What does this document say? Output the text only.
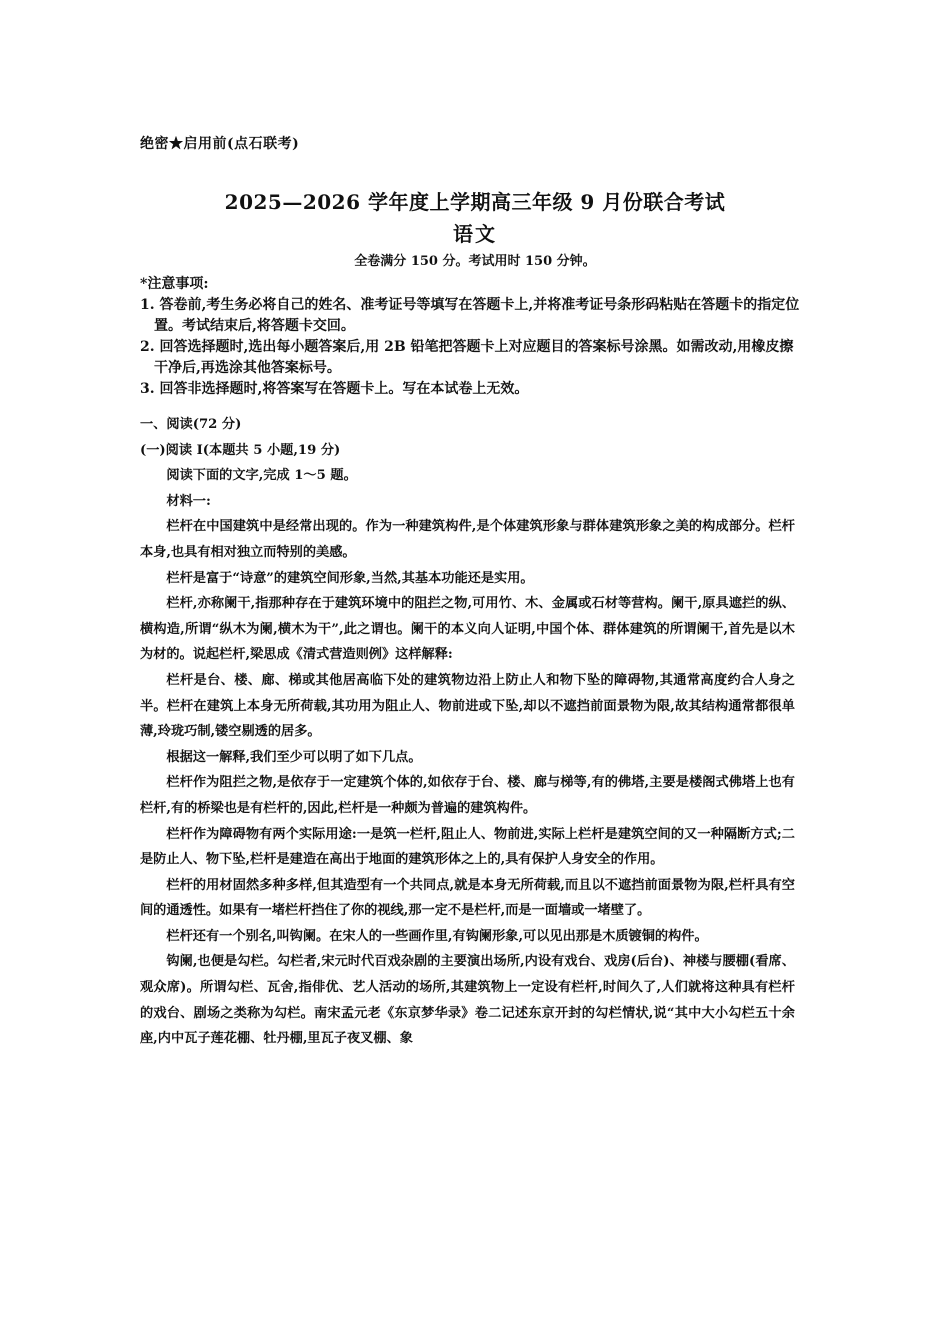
绝密★启用前(点石联考)
2025—2026 学年度上学期高三年级 9 月份联合考试
语文
全卷满分 150 分。考试用时 150 分钟。

*注意事项:

1. 答卷前,考生务必将自己的姓名、准考证号等填写在答题卡上,并将准考证号条形码粘贴在答题卡的指定位置。考试结束后,将答题卡交回。

2. 回答选择题时,选出每小题答案后,用 2B 铅笔把答题卡上对应题目的答案标号涂黑。如需改动,用橡皮擦干净后,再选涂其他答案标号。

3. 回答非选择题时,将答案写在答题卡上。写在本试卷上无效。

一、阅读(72 分)

(一)阅读 I(本题共 5 小题,19 分)

阅读下面的文字,完成 1～5 题。

材料一:

栏杆在中国建筑中是经常出现的。作为一种建筑构件,是个体建筑形象与群体建筑形象之美的构成部分。栏杆本身,也具有相对独立而特别的美感。

栏杆是富于“诗意”的建筑空间形象,当然,其基本功能还是实用。

栏杆,亦称阑干,指那种存在于建筑环境中的阻拦之物,可用竹、木、金属或石材等营构。阑干,原具遮拦的纵、横构造,所谓“纵木为阑,横木为干”,此之谓也。阑干的本义向人证明,中国个体、群体建筑的所谓阑干,首先是以木为材的。说起栏杆,梁思成《清式营造则例》这样解释:

栏杆是台、楼、廊、梯或其他居高临下处的建筑物边沿上防止人和物下坠的障碍物,其通常高度约合人身之半。栏杆在建筑上本身无所荷载,其功用为阻止人、物前进或下坠,却以不遮挡前面景物为限,故其结构通常都很单薄,玲珑巧制,镂空剔透的居多。

根据这一解释,我们至少可以明了如下几点。

栏杆作为阻拦之物,是依存于一定建筑个体的,如依存于台、楼、廊与梯等,有的佛塔,主要是楼阁式佛塔上也有栏杆,有的桥梁也是有栏杆的,因此,栏杆是一种颇为普遍的建筑构件。

栏杆作为障碍物有两个实际用途:一是筑一栏杆,阻止人、物前进,实际上栏杆是建筑空间的又一种隔断方式;二是防止人、物下坠,栏杆是建造在高出于地面的建筑形体之上的,具有保护人身安全的作用。

栏杆的用材固然多种多样,但其造型有一个共同点,就是本身无所荷载,而且以不遮挡前面景物为限,栏杆具有空间的通透性。如果有一堵栏杆挡住了你的视线,那一定不是栏杆,而是一面墙或一堵壁了。

栏杆还有一个别名,叫钩阑。在宋人的一些画作里,有钩阑形象,可以见出那是木质镀铜的构件。

钩阑,也便是勾栏。勾栏者,宋元时代百戏杂剧的主要演出场所,内设有戏台、戏房(后台)、神楼与腰棚(看席、观众席)。所谓勾栏、瓦舍,指俳优、艺人活动的场所,其建筑物上一定设有栏杆,时间久了,人们就将这种具有栏杆的戏台、剧场之类称为勾栏。南宋孟元老《东京梦华录》卷二记述东京开封的勾栏情状,说“其中大小勾栏五十余座,内中瓦子莲花棚、牡丹棚,里瓦子夜叉棚、象
